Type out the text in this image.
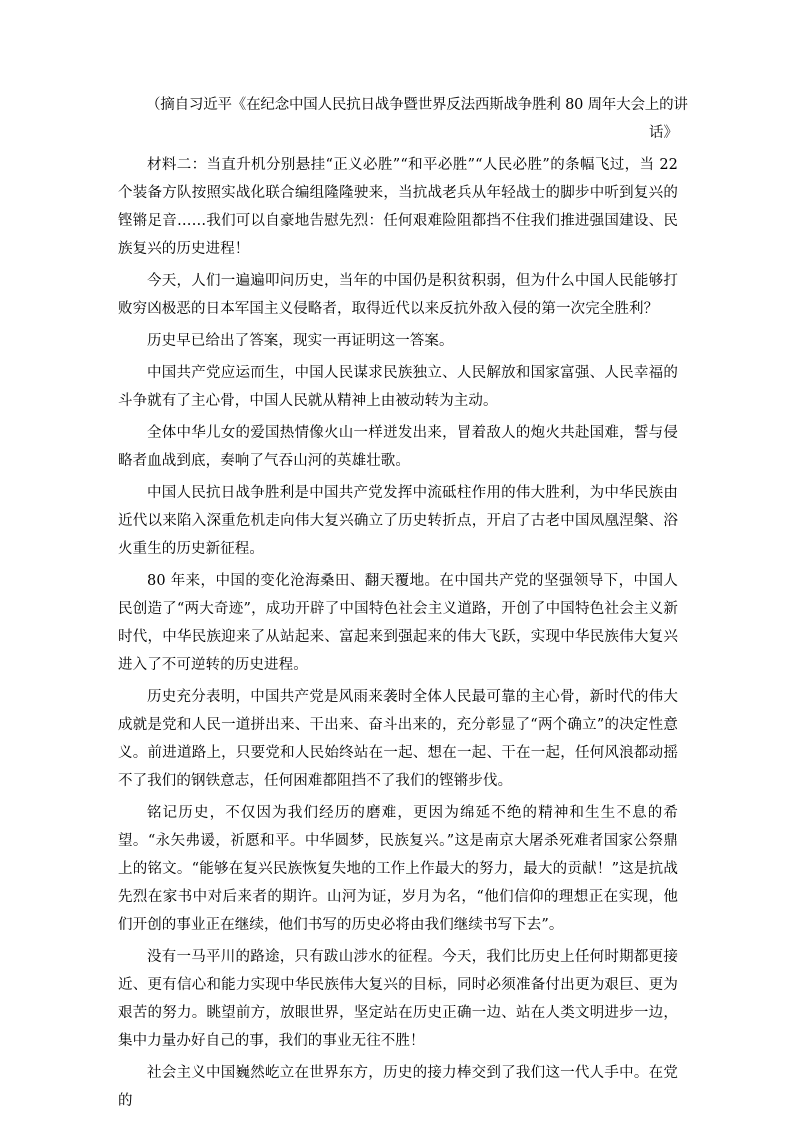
（摘自习近平《在纪念中国人民抗日战争暨世界反法西斯战争胜利 80 周年大会上的讲
话》

材料二：当直升机分别悬挂“正义必胜”“和平必胜”“人民必胜”的条幅飞过，当 22 个装备方队按照实战化联合编组隆隆驶来，当抗战老兵从年轻战士的脚步中听到复兴的铿锵足音……我们可以自豪地告慰先烈：任何艰难险阻都挡不住我们推进强国建设、民族复兴的历史进程！

今天，人们一遍遍叩问历史，当年的中国仍是积贫积弱，但为什么中国人民能够打败穷凶极恶的日本军国主义侵略者，取得近代以来反抗外敌入侵的第一次完全胜利？

历史早已给出了答案，现实一再证明这一答案。

中国共产党应运而生，中国人民谋求民族独立、人民解放和国家富强、人民幸福的斗争就有了主心骨，中国人民就从精神上由被动转为主动。

全体中华儿女的爱国热情像火山一样迸发出来，冒着敌人的炮火共赴国难，誓与侵略者血战到底，奏响了气吞山河的英雄壮歌。

中国人民抗日战争胜利是中国共产党发挥中流砥柱作用的伟大胜利，为中华民族由近代以来陷入深重危机走向伟大复兴确立了历史转折点，开启了古老中国凤凰涅槃、浴火重生的历史新征程。

80 年来，中国的变化沧海桑田、翻天覆地。在中国共产党的坚强领导下，中国人民创造了“两大奇迹”，成功开辟了中国特色社会主义道路，开创了中国特色社会主义新时代，中华民族迎来了从站起来、富起来到强起来的伟大飞跃，实现中华民族伟大复兴进入了不可逆转的历史进程。

历史充分表明，中国共产党是风雨来袭时全体人民最可靠的主心骨，新时代的伟大成就是党和人民一道拼出来、干出来、奋斗出来的，充分彰显了“两个确立”的决定性意义。前进道路上，只要党和人民始终站在一起、想在一起、干在一起，任何风浪都动摇不了我们的钢铁意志，任何困难都阻挡不了我们的铿锵步伐。

铭记历史，不仅因为我们经历的磨难，更因为绵延不绝的精神和生生不息的希望。“永矢弗谖，祈愿和平。中华圆梦，民族复兴。”这是南京大屠杀死难者国家公祭鼎上的铭文。“能够在复兴民族恢复失地的工作上作最大的努力，最大的贡献！”这是抗战先烈在家书中对后来者的期许。山河为证，岁月为名，“他们信仰的理想正在实现，他们开创的事业正在继续，他们书写的历史必将由我们继续书写下去”。

没有一马平川的路途，只有跋山涉水的征程。今天，我们比历史上任何时期都更接近、更有信心和能力实现中华民族伟大复兴的目标，同时必须准备付出更为艰巨、更为艰苦的努力。眺望前方，放眼世界，坚定站在历史正确一边、站在人类文明进步一边，集中力量办好自己的事，我们的事业无往不胜！

社会主义中国巍然屹立在世界东方，历史的接力棒交到了我们这一代人手中。在党的
